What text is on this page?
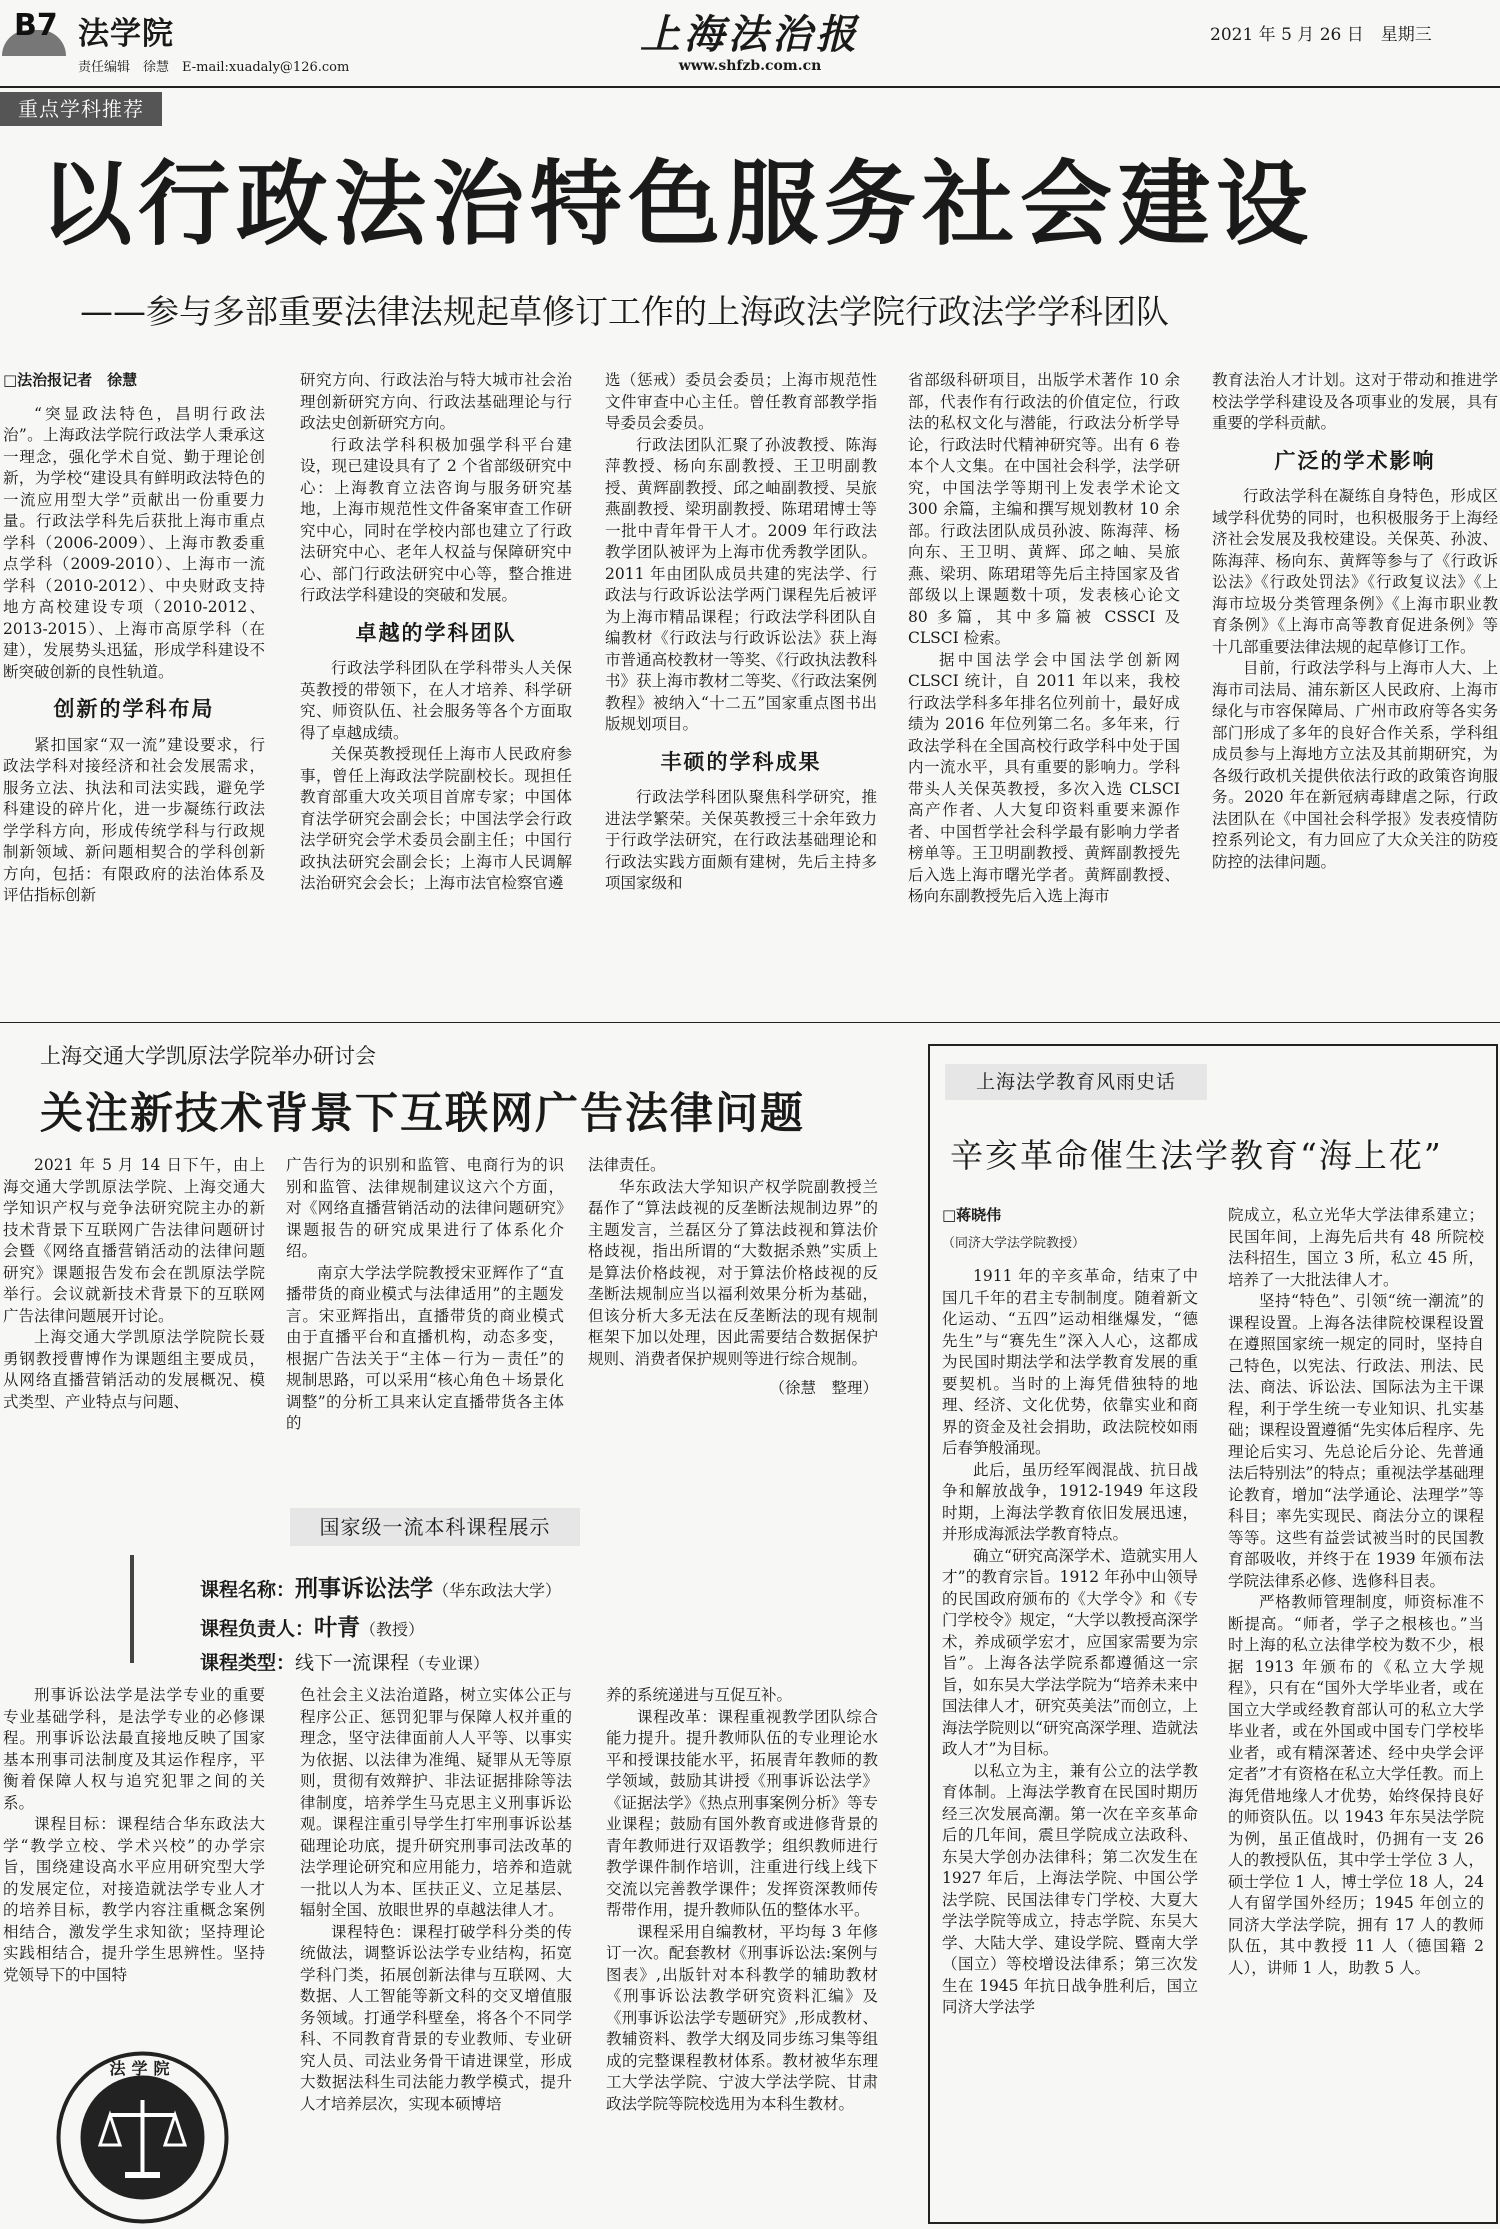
B7 法学院
责任编辑　徐慧　E-mail:xuadaly@126.com
上海法治报
www.shfzb.com.cn
2021 年 5 月 26 日　星期三
重点学科推荐
以行政法治特色服务社会建设
——参与多部重要法律法规起草修订工作的上海政法学院行政法学学科团队

□法治报记者　徐慧

“突显政法特色，昌明行政法治”。上海政法学院行政法学人秉承这一理念，强化学术自觉、勤于理论创新，为学校“建设具有鲜明政法特色的一流应用型大学”贡献出一份重要力量。行政法学科先后获批上海市重点学科（2006-2009）、上海市教委重点学科（2009-2010）、上海市一流学科（2010-2012）、中央财政支持地方高校建设专项（2010-2012、2013-2015）、上海市高原学科（在建），发展势头迅猛，形成学科建设不断突破创新的良性轨道。

创新的学科布局

紧扣国家“双一流”建设要求，行政法学科对接经济和社会发展需求，服务立法、执法和司法实践，避免学科建设的碎片化，进一步凝练行政法学学科方向，形成传统学科与行政规制新领域、新问题相契合的学科创新方向，包括：有限政府的法治体系及评估指标创新

研究方向、行政法治与特大城市社会治理创新研究方向、行政法基础理论与行政法史创新研究方向。

行政法学科积极加强学科平台建设，现已建设具有了 2 个省部级研究中心：上海教育立法咨询与服务研究基地，上海市规范性文件备案审查工作研究中心，同时在学校内部也建立了行政法研究中心、老年人权益与保障研究中心、部门行政法研究中心等，整合推进行政法学科建设的突破和发展。

卓越的学科团队

行政法学科团队在学科带头人关保英教授的带领下，在人才培养、科学研究、师资队伍、社会服务等各个方面取得了卓越成绩。

关保英教授现任上海市人民政府参事，曾任上海政法学院副校长。现担任教育部重大攻关项目首席专家；中国体育法学研究会副会长；中国法学会行政法学研究会学术委员会副主任；中国行政执法研究会副会长；上海市人民调解法治研究会会长；上海市法官检察官遴

选（惩戒）委员会委员；上海市规范性文件审查中心主任。曾任教育部教学指导委员会委员。

行政法团队汇聚了孙波教授、陈海萍教授、杨向东副教授、王卫明副教授、黄辉副教授、邱之岫副教授、吴旅燕副教授、梁玥副教授、陈珺珺博士等一批中青年骨干人才。2009 年行政法教学团队被评为上海市优秀教学团队。2011 年由团队成员共建的宪法学、行政法与行政诉讼法学两门课程先后被评为上海市精品课程；行政法学科团队自编教材《行政法与行政诉讼法》获上海市普通高校教材一等奖、《行政执法教科书》获上海市教材二等奖、《行政法案例教程》被纳入“十二五”国家重点图书出版规划项目。

丰硕的学科成果

行政法学科团队聚焦科学研究，推进法学繁荣。关保英教授三十余年致力于行政学法研究，在行政法基础理论和行政法实践方面颇有建树，先后主持多项国家级和

省部级科研项目，出版学术著作 10 余部，代表作有行政法的价值定位，行政法的私权文化与潜能，行政法分析学导论，行政法时代精神研究等。出有 6 卷本个人文集。在中国社会科学，法学研究，中国法学等期刊上发表学术论文 300 余篇，主编和撰写规划教材 10 余部。行政法团队成员孙波、陈海萍、杨向东、王卫明、黄辉、邱之岫、吴旅燕、梁玥、陈珺珺等先后主持国家及省部级以上课题数十项，发表核心论文 80 多篇，其中多篇被 CSSCI 及 CLSCI 检索。

据中国法学会中国法学创新网 CLSCI 统计，自 2011 年以来，我校行政法学科多年排名位列前十，最好成绩为 2016 年位列第二名。多年来，行政法学科在全国高校行政学科中处于国内一流水平，具有重要的影响力。学科带头人关保英教授，多次入选 CLSCI 高产作者、人大复印资料重要来源作者、中国哲学社会科学最有影响力学者榜单等。王卫明副教授、黄辉副教授先后入选上海市曙光学者。黄辉副教授、杨向东副教授先后入选上海市

教育法治人才计划。这对于带动和推进学校法学学科建设及各项事业的发展，具有重要的学科贡献。

广泛的学术影响

行政法学科在凝练自身特色，形成区域学科优势的同时，也积极服务于上海经济社会发展及我校建设。关保英、孙波、陈海萍、杨向东、黄辉等参与了《行政诉讼法》《行政处罚法》《行政复议法》《上海市垃圾分类管理条例》《上海市职业教育条例》《上海市高等教育促进条例》等十几部重要法律法规的起草修订工作。

目前，行政法学科与上海市人大、上海市司法局、浦东新区人民政府、上海市绿化与市容保障局、广州市政府等各实务部门形成了多年的良好合作关系，学科组成员参与上海地方立法及其前期研究，为各级行政机关提供依法行政的政策咨询服务。2020 年在新冠病毒肆虐之际，行政法团队在《中国社会科学报》发表疫情防控系列论文，有力回应了大众关注的防疫防控的法律问题。

上海交通大学凯原法学院举办研讨会
关注新技术背景下互联网广告法律问题

2021 年 5 月 14 日下午，由上海交通大学凯原法学院、上海交通大学知识产权与竞争法研究院主办的新技术背景下互联网广告法律问题研讨会暨《网络直播营销活动的法律问题研究》课题报告发布会在凯原法学院举行。会议就新技术背景下的互联网广告法律问题展开讨论。

上海交通大学凯原法学院院长聂勇钢教授曹博作为课题组主要成员，从网络直播营销活动的发展概况、模式类型、产业特点与问题、

广告行为的识别和监管、电商行为的识别和监管、法律规制建议这六个方面，对《网络直播营销活动的法律问题研究》课题报告的研究成果进行了体系化介绍。

南京大学法学院教授宋亚辉作了“直播带货的商业模式与法律适用”的主题发言。宋亚辉指出，直播带货的商业模式由于直播平台和直播机构，动态多变，根据广告法关于“主体－行为－责任”的规制思路，可以采用“核心角色＋场景化调整”的分析工具来认定直播带货各主体的

法律责任。

华东政法大学知识产权学院副教授兰磊作了“算法歧视的反垄断法规制边界”的主题发言，兰磊区分了算法歧视和算法价格歧视，指出所谓的“大数据杀熟”实质上是算法价格歧视，对于算法价格歧视的反垄断法规制应当以福利效果分析为基础，但该分析大多无法在反垄断法的现有规制框架下加以处理，因此需要结合数据保护规则、消费者保护规则等进行综合规制。

（徐慧　整理）

国家级一流本科课程展示
课程名称：刑事诉讼法学（华东政法大学）
课程负责人：叶青（教授）
课程类型：线下一流课程（专业课）

刑事诉讼法学是法学专业的重要专业基础学科，是法学专业的必修课程。刑事诉讼法最直接地反映了国家基本刑事司法制度及其运作程序，平衡着保障人权与追究犯罪之间的关系。

课程目标：课程结合华东政法大学“教学立校、学术兴校”的办学宗旨，围绕建设高水平应用研究型大学的发展定位，对接造就法学专业人才的培养目标，教学内容注重概念案例相结合，激发学生求知欲；坚持理论实践相结合，提升学生思辨性。坚持党领导下的中国特

法学院

色社会主义法治道路，树立实体公正与程序公正、惩罚犯罪与保障人权并重的理念，坚守法律面前人人平等、以事实为依据、以法律为准绳、疑罪从无等原则，贯彻有效辩护、非法证据排除等法律制度，培养学生马克思主义刑事诉讼观。课程注重引导学生打牢刑事诉讼基础理论功底，提升研究刑事司法改革的法学理论研究和应用能力，培养和造就一批以人为本、匡扶正义、立足基层、辐射全国、放眼世界的卓越法律人才。

课程特色：课程打破学科分类的传统做法，调整诉讼法学专业结构，拓宽学科门类，拓展创新法律与互联网、大数据、人工智能等新文科的交叉增值服务领域。打通学科壁垒，将各个不同学科、不同教育背景的专业教师、专业研究人员、司法业务骨干请进课堂，形成大数据法科生司法能力教学模式，提升人才培养层次，实现本硕博培

养的系统递进与互促互补。

课程改革：课程重视教学团队综合能力提升。提升教师队伍的专业理论水平和授课技能水平，拓展青年教师的教学领域，鼓励其讲授《刑事诉讼法学》《证据法学》《热点刑事案例分析》等专业课程；鼓励有国外教育或进修背景的青年教师进行双语教学；组织教师进行教学课件制作培训，注重进行线上线下交流以完善教学课件；发挥资深教师传帮带作用，提升教师队伍的整体水平。

课程采用自编教材，平均每 3 年修订一次。配套教材《刑事诉讼法:案例与图表》,出版针对本科教学的辅助教材《刑事诉讼法教学研究资料汇编》及《刑事诉讼法学专题研究》,形成教材、教辅资料、教学大纲及同步练习集等组成的完整课程教材体系。教材被华东理工大学法学院、宁波大学法学院、甘肃政法学院等院校选用为本科生教材。

上海法学教育风雨史话
辛亥革命催生法学教育“海上花”

□蒋晓伟

（同济大学法学院教授）

1911 年的辛亥革命，结束了中国几千年的君主专制制度。随着新文化运动、“五四”运动相继爆发，“德先生”与“赛先生”深入人心，这都成为民国时期法学和法学教育发展的重要契机。当时的上海凭借独特的地理、经济、文化优势，依靠实业和商界的资金及社会捐助，政法院校如雨后春笋般涌现。

此后，虽历经军阀混战、抗日战争和解放战争，1912-1949 年这段时期，上海法学教育依旧发展迅速，并形成海派法学教育特点。

确立“研究高深学术、造就实用人才”的教育宗旨。1912 年孙中山领导的民国政府颁布的《大学令》和《专门学校令》规定，“大学以教授高深学术，养成硕学宏才，应国家需要为宗旨”。上海各法学院系都遵循这一宗旨，如东吴大学法学院为“培养未来中国法律人才，研究英美法”而创立，上海法学院则以“研究高深学理、造就法政人才”为目标。

以私立为主，兼有公立的法学教育体制。上海法学教育在民国时期历经三次发展高潮。第一次在辛亥革命后的几年间，震旦学院成立法政科、东吴大学创办法律科；第二次发生在 1927 年后，上海法学院、中国公学法学院、民国法律专门学校、大夏大学法学院等成立，持志学院、东吴大学、大陆大学、建设学院、暨南大学（国立）等校增设法律系；第三次发生在 1945 年抗日战争胜利后，国立同济大学法学

院成立，私立光华大学法律系建立；民国年间，上海先后共有 48 所院校法科招生，国立 3 所，私立 45 所，培养了一大批法律人才。

坚持“特色”、引领“统一潮流”的课程设置。上海各法律院校课程设置在遵照国家统一规定的同时，坚持自己特色，以宪法、行政法、刑法、民法、商法、诉讼法、国际法为主干课程，利于学生统一专业知识、扎实基础；课程设置遵循“先实体后程序、先理论后实习、先总论后分论、先普通法后特别法”的特点；重视法学基础理论教育，增加“法学通论、法理学”等科目；率先实现民、商法分立的课程等等。这些有益尝试被当时的民国教育部吸收，并终于在 1939 年颁布法学院法律系必修、选修科目表。

严格教师管理制度，师资标准不断提高。“师者，学子之根核也。”当时上海的私立法律学校为数不少，根据 1913 年颁布的《私立大学规程》，只有在“国外大学毕业者，或在国立大学或经教育部认可的私立大学毕业者，或在外国或中国专门学校毕业者，或有精深著述、经中央学会评定者”才有资格在私立大学任教。而上海凭借地缘人才优势，始终保持良好的师资队伍。以 1943 年东吴法学院为例，虽正值战时，仍拥有一支 26 人的教授队伍，其中学士学位 3 人，硕士学位 1 人，博士学位 18 人，24 人有留学国外经历；1945 年创立的同济大学法学院，拥有 17 人的教师队伍，其中教授 11 人（德国籍 2 人），讲师 1 人，助教 5 人。
